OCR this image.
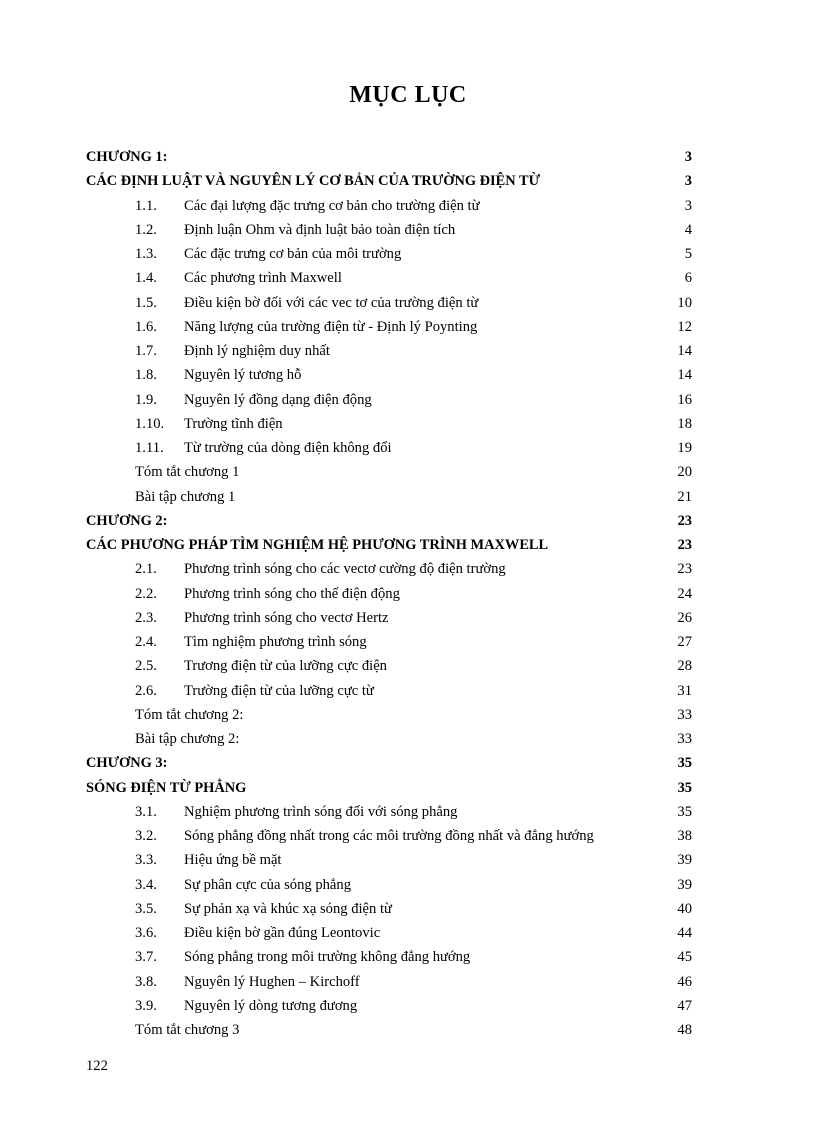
MỤC LỤC
CHƯƠNG 1:	3
CÁC ĐỊNH LUẬT VÀ NGUYÊN LÝ CƠ BẢN CỦA TRƯỜNG ĐIỆN TỪ	3
1.1. Các đại lượng đặc trưng cơ bản cho trường điện từ	3
1.2. Định luận Ohm và định luật bảo toàn điện tích	4
1.3. Các đặc trưng cơ bản của môi trường	5
1.4. Các phương trình Maxwell	6
1.5. Điều kiện bờ đối với các vec tơ của trường điện từ	10
1.6. Năng lượng của trường điện từ - Định lý Poynting	12
1.7. Định lý nghiệm duy nhất	14
1.8. Nguyên lý tương hỗ	14
1.9. Nguyên lý đồng dạng điện động	16
1.10. Trường tĩnh điện	18
1.11. Từ trường của dòng điện không đổi	19
Tóm tắt chương 1	20
Bài tập chương 1	21
CHƯƠNG 2:	23
CÁC PHƯƠNG PHÁP TÌM NGHIỆM HỆ PHƯƠNG TRÌNH MAXWELL	23
2.1. Phương trình sóng cho các vectơ cường độ điện trường	23
2.2. Phương trình sóng cho thế điện động	24
2.3. Phương trình sóng cho vectơ Hertz	26
2.4. Tìm nghiệm phương trình sóng	27
2.5. Trương điện từ của lưỡng cực điện	28
2.6. Trường điện từ của lưỡng cực từ	31
Tóm tắt chương 2:	33
Bài tập chương 2:	33
CHƯƠNG 3:	35
SÓNG ĐIỆN TỪ PHẲNG	35
3.1. Nghiệm phương trình sóng đối với sóng phẳng	35
3.2. Sóng phẳng đồng nhất trong các môi trường đồng nhất và đẳng hướng	38
3.3. Hiệu ứng bề mặt	39
3.4. Sự phân cực của sóng phẳng	39
3.5. Sự phản xạ và khúc xạ sóng điện từ	40
3.6. Điều kiện bờ gần đúng Leontovic	44
3.7. Sóng phẳng trong môi trường không đẳng hướng	45
3.8. Nguyên lý Hughen – Kirchoff	46
3.9. Nguyên lý dòng tương đương	47
Tóm tắt chương 3	48
122
